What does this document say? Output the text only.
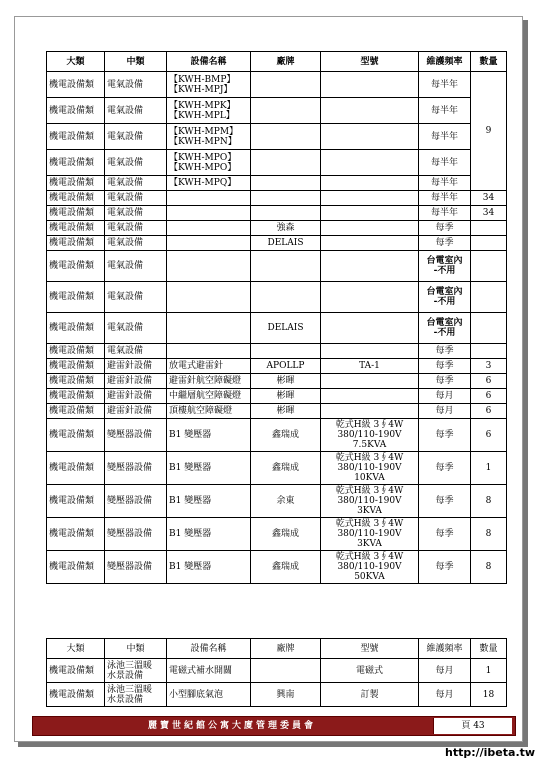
大類	中類	設備名稱	廠牌	型號	維護頻率	數量
機電設備類	電氣設備	【KWH-BMP】
【KWH-MPJ】			每半年	9
機電設備類	電氣設備	【KWH-MPK】
【KWH-MPL】			每半年	
機電設備類	電氣設備	【KWH-MPM】
【KWH-MPN】			每半年	
機電設備類	電氣設備	【KWH-MPO】
【KWH-MPO】			每半年	
機電設備類	電氣設備	【KWH-MPQ】			每半年	
機電設備類	電氣設備				每半年	34
機電設備類	電氣設備				每半年	34
機電設備類	電氣設備		強森		每季	
機電設備類	電氣設備		DELAIS		每季	
機電設備類	電氣設備				台電室內
-不用	
機電設備類	電氣設備				台電室內
-不用	
機電設備類	電氣設備		DELAIS		台電室內
-不用	
機電設備類	電氣設備				每季	
機電設備類	避雷針設備	放電式避雷針	APOLLP	TA-1	每季	3
機電設備類	避雷針設備	避雷針航空障礙燈	彬暉		每季	6
機電設備類	避雷針設備	中繼層航空障礙燈	彬暉		每月	6
機電設備類	避雷針設備	頂樓航空障礙燈	彬暉		每月	6
機電設備類	變壓器設備	B1 變壓器	鑫瑞成	乾式H級 3∮4W
380/110-190V
7.5KVA	每季	6
機電設備類	變壓器設備	B1 變壓器	鑫瑞成	乾式H級 3∮4W
380/110-190V
10KVA	每季	1
機電設備類	變壓器設備	B1 變壓器	余東	乾式H級 3∮4W
380/110-190V
3KVA	每季	8
機電設備類	變壓器設備	B1 變壓器	鑫瑞成	乾式H級 3∮4W
380/110-190V
3KVA	每季	8
機電設備類	變壓器設備	B1 變壓器	鑫瑞成	乾式H級 3∮4W
380/110-190V
50KVA	每季	8
大類	中類	設備名稱	廠牌	型號	維護頻率	數量
機電設備類	泳池三溫暖
水景設備	電磁式補水開關		電磁式	每月	1
機電設備類	泳池三溫暖
水景設備	小型腳底氣泡	興南	訂製	每月	18
麗寶世紀館公寓大廈管理委員會	頁 43
http://ibeta.tw
